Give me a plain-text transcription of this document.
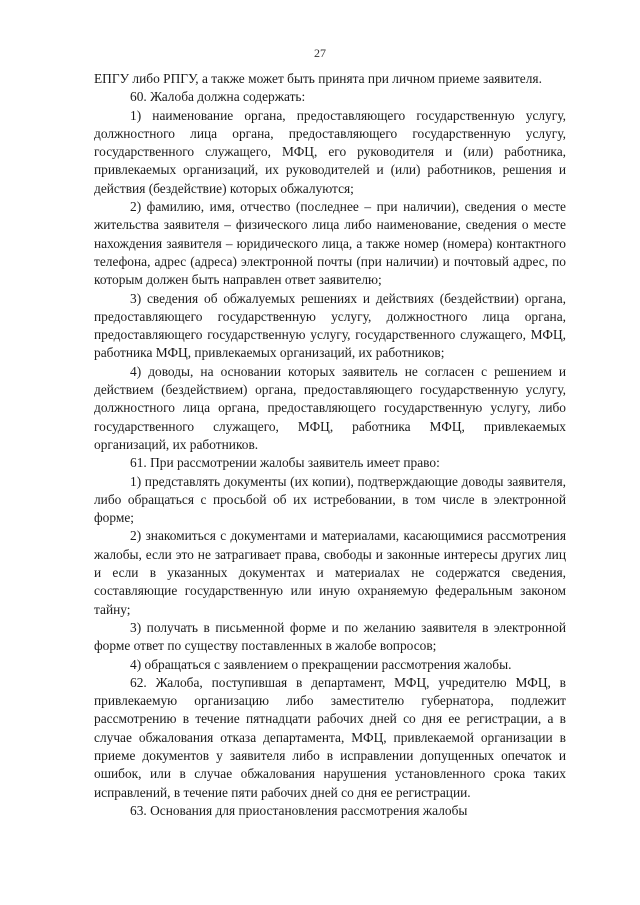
27

ЕПГУ либо РПГУ, а также может быть принята при личном приеме заявителя.

60. Жалоба должна содержать:

1) наименование органа, предоставляющего государственную услугу, должностного лица органа, предоставляющего государственную услугу, государственного служащего, МФЦ, его руководителя и (или) работника, привлекаемых организаций, их руководителей и (или) работников, решения и действия (бездействие) которых обжалуются;

2) фамилию, имя, отчество (последнее – при наличии), сведения о месте жительства заявителя – физического лица либо наименование, сведения о месте нахождения заявителя – юридического лица, а также номер (номера) контактного телефона, адрес (адреса) электронной почты (при наличии) и почтовый адрес, по которым должен быть направлен ответ заявителю;

3) сведения об обжалуемых решениях и действиях (бездействии) органа, предоставляющего государственную услугу, должностного лица органа, предоставляющего государственную услугу, государственного служащего, МФЦ, работника МФЦ, привлекаемых организаций, их работников;

4) доводы, на основании которых заявитель не согласен с решением и действием (бездействием) органа, предоставляющего государственную услугу, должностного лица органа, предоставляющего государственную услугу, либо государственного служащего, МФЦ, работника МФЦ, привлекаемых организаций, их работников.

61. При рассмотрении жалобы заявитель имеет право:

1) представлять документы (их копии), подтверждающие доводы заявителя, либо обращаться с просьбой об их истребовании, в том числе в электронной форме;

2) знакомиться с документами и материалами, касающимися рассмотрения жалобы, если это не затрагивает права, свободы и законные интересы других лиц и если в указанных документах и материалах не содержатся сведения, составляющие государственную или иную охраняемую федеральным законом тайну;

3) получать в письменной форме и по желанию заявителя в электронной форме ответ по существу поставленных в жалобе вопросов;

4) обращаться с заявлением о прекращении рассмотрения жалобы.

62. Жалоба, поступившая в департамент, МФЦ, учредителю МФЦ, в привлекаемую организацию либо заместителю губернатора, подлежит рассмотрению в течение пятнадцати рабочих дней со дня ее регистрации, а в случае обжалования отказа департамента, МФЦ, привлекаемой организации в приеме документов у заявителя либо в исправлении допущенных опечаток и ошибок, или в случае обжалования нарушения установленного срока таких исправлений, в течение пяти рабочих дней со дня ее регистрации.

63. Основания для приостановления рассмотрения жалобы
